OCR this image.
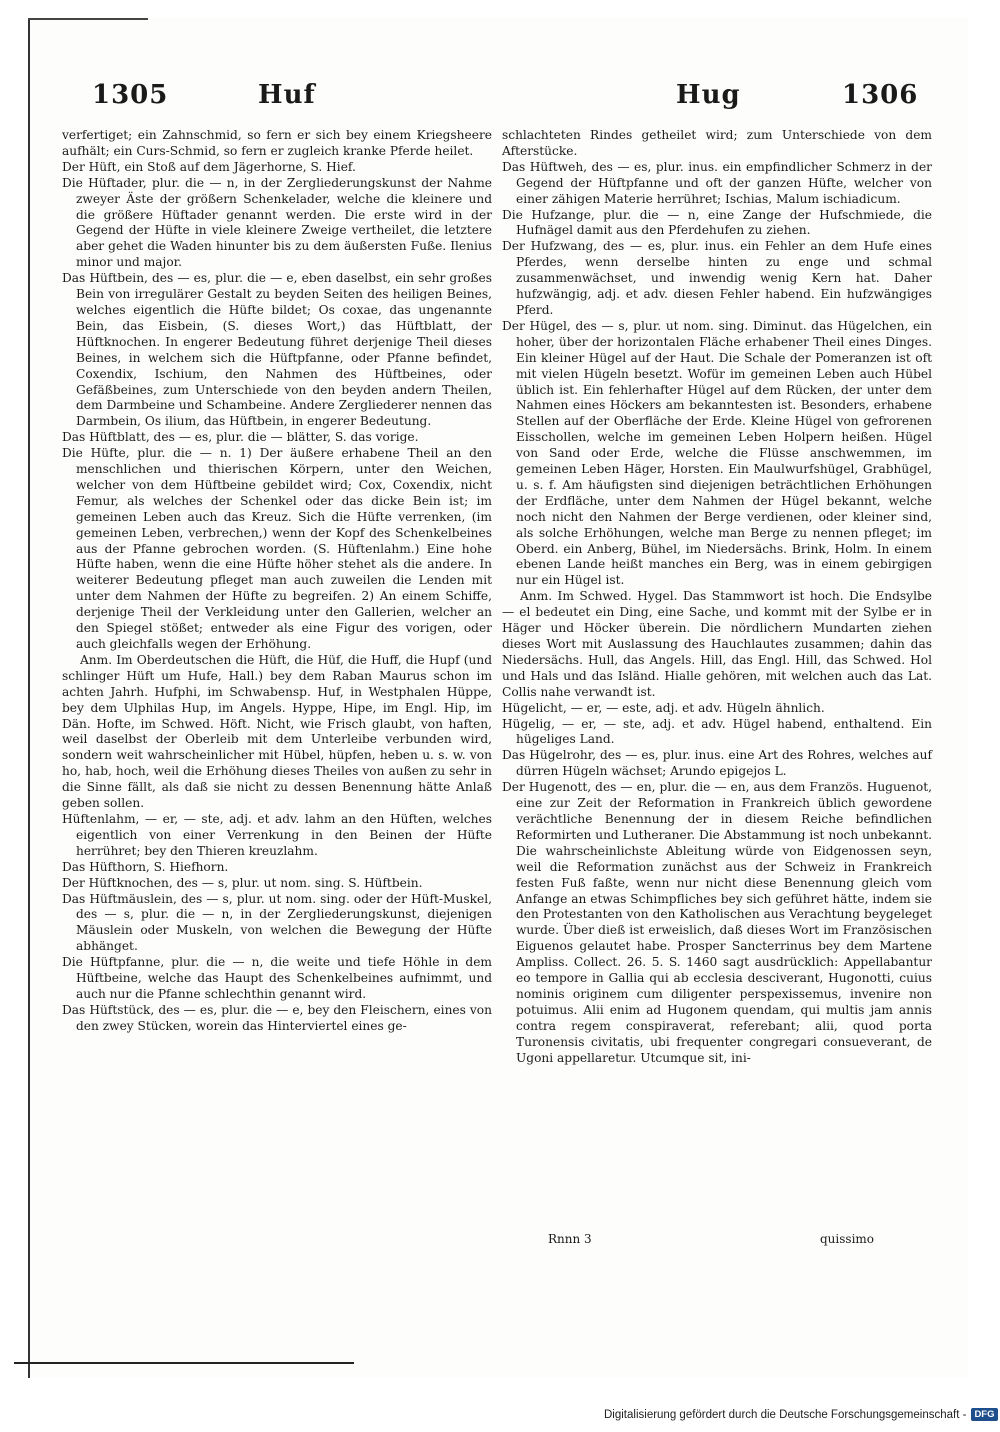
1305	Huf	Hug	1306

verfertiget; ein Zahnschmid, so fern er sich bey einem Kriegsheere aufhält; ein Curs-Schmid, so fern er zugleich kranke Pferde heilet.

Der Hüft, ein Stoß auf dem Jägerhorne, S. Hief.

Die Hüftader, plur. die — n, in der Zergliederungskunst der Nahme zweyer Äste der größern Schenkelader, welche die kleinere und die größere Hüftader genannt werden. Die erste wird in der Gegend der Hüfte in viele kleinere Zweige vertheilet, die letztere aber gehet die Waden hinunter bis zu dem äußersten Fuße. Ilenius minor und major.

Das Hüftbein, des — es, plur. die — e, eben daselbst, ein sehr großes Bein von irregulärer Gestalt zu beyden Seiten des heiligen Beines, welches eigentlich die Hüfte bildet; Os coxae, das ungenannte Bein, das Eisbein, (S. dieses Wort,) das Hüftblatt, der Hüftknochen. In engerer Bedeutung führet derjenige Theil dieses Beines, in welchem sich die Hüftpfanne, oder Pfanne befindet, Coxendix, Ischium, den Nahmen des Hüftbeines, oder Gefäßbeines, zum Unterschiede von den beyden andern Theilen, dem Darmbeine und Schambeine. Andere Zergliederer nennen das Darmbein, Os ilium, das Hüftbein, in engerer Bedeutung.

Das Hüftblatt, des — es, plur. die — blätter, S. das vorige.

Die Hüfte, plur. die — n. 1) Der äußere erhabene Theil an den menschlichen und thierischen Körpern, unter den Weichen, welcher von dem Hüftbeine gebildet wird; Cox, Coxendix, nicht Femur, als welches der Schenkel oder das dicke Bein ist; im gemeinen Leben auch das Kreuz. Sich die Hüfte verrenken, (im gemeinen Leben, verbrechen,) wenn der Kopf des Schenkelbeines aus der Pfanne gebrochen worden. (S. Hüftenlahm.) Eine hohe Hüfte haben, wenn die eine Hüfte höher stehet als die andere. In weiterer Bedeutung pfleget man auch zuweilen die Lenden mit unter dem Nahmen der Hüfte zu begreifen. 2) An einem Schiffe, derjenige Theil der Verkleidung unter den Gallerien, welcher an den Spiegel stößet; entweder als eine Figur des vorigen, oder auch gleichfalls wegen der Erhöhung.

Anm. Im Oberdeutschen die Hüft, die Hüf, die Huff, die Hupf (und schlinger Hüft um Hufe, Hall.) bey dem Raban Maurus schon im achten Jahrh. Hufphi, im Schwabensp. Huf, in Westphalen Hüppe, bey dem Ulphilas Hup, im Angels. Hyppe, Hipe, im Engl. Hip, im Dän. Hofte, im Schwed. Höft. Nicht, wie Frisch glaubt, von haften, weil daselbst der Oberleib mit dem Unterleibe verbunden wird, sondern weit wahrscheinlicher mit Hübel, hüpfen, heben u. s. w. von ho, hab, hoch, weil die Erhöhung dieses Theiles von außen zu sehr in die Sinne fällt, als daß sie nicht zu dessen Benennung hätte Anlaß geben sollen.

Hüftenlahm, — er, — ste, adj. et adv. lahm an den Hüften, welches eigentlich von einer Verrenkung in den Beinen der Hüfte herrühret; bey den Thieren kreuzlahm.

Das Hüfthorn, S. Hiefhorn.

Der Hüftknochen, des — s, plur. ut nom. sing. S. Hüftbein.

Das Hüftmäuslein, des — s, plur. ut nom. sing. oder der Hüft-Muskel, des — s, plur. die — n, in der Zergliederungskunst, diejenigen Mäuslein oder Muskeln, von welchen die Bewegung der Hüfte abhänget.

Die Hüftpfanne, plur. die — n, die weite und tiefe Höhle in dem Hüftbeine, welche das Haupt des Schenkelbeines aufnimmt, und auch nur die Pfanne schlechthin genannt wird.

Das Hüftstück, des — es, plur. die — e, bey den Fleischern, eines von den zwey Stücken, worein das Hinterviertel eines ge-

schlachteten Rindes getheilet wird; zum Unterschiede von dem Afterstücke.

Das Hüftweh, des — es, plur. inus. ein empfindlicher Schmerz in der Gegend der Hüftpfanne und oft der ganzen Hüfte, welcher von einer zähigen Materie herrühret; Ischias, Malum ischiadicum.

Die Hufzange, plur. die — n, eine Zange der Hufschmiede, die Hufnägel damit aus den Pferdehufen zu ziehen.

Der Hufzwang, des — es, plur. inus. ein Fehler an dem Hufe eines Pferdes, wenn derselbe hinten zu enge und schmal zusammenwächset, und inwendig wenig Kern hat. Daher hufzwängig, adj. et adv. diesen Fehler habend. Ein hufzwängiges Pferd.

Der Hügel, des — s, plur. ut nom. sing. Diminut. das Hügelchen, ein hoher, über der horizontalen Fläche erhabener Theil eines Dinges. Ein kleiner Hügel auf der Haut. Die Schale der Pomeranzen ist oft mit vielen Hügeln besetzt. Wofür im gemeinen Leben auch Hübel üblich ist. Ein fehlerhafter Hügel auf dem Rücken, der unter dem Nahmen eines Höckers am bekanntesten ist. Besonders, erhabene Stellen auf der Oberfläche der Erde. Kleine Hügel von gefrorenen Eisschollen, welche im gemeinen Leben Holpern heißen. Hügel von Sand oder Erde, welche die Flüsse anschwemmen, im gemeinen Leben Häger, Horsten. Ein Maulwurfshügel, Grabhügel, u. s. f. Am häufigsten sind diejenigen beträchtlichen Erhöhungen der Erdfläche, unter dem Nahmen der Hügel bekannt, welche noch nicht den Nahmen der Berge verdienen, oder kleiner sind, als solche Erhöhungen, welche man Berge zu nennen pfleget; im Oberd. ein Anberg, Bühel, im Niedersächs. Brink, Holm. In einem ebenen Lande heißt manches ein Berg, was in einem gebirgigen nur ein Hügel ist.

Anm. Im Schwed. Hygel. Das Stammwort ist hoch. Die Endsylbe — el bedeutet ein Ding, eine Sache, und kommt mit der Sylbe er in Häger und Höcker überein. Die nördlichern Mundarten ziehen dieses Wort mit Auslassung des Hauchlautes zusammen; dahin das Niedersächs. Hull, das Angels. Hill, das Engl. Hill, das Schwed. Hol und Hals und das Isländ. Hialle gehören, mit welchen auch das Lat. Collis nahe verwandt ist.

Hügelicht, — er, — este, adj. et adv. Hügeln ähnlich.

Hügelig, — er, — ste, adj. et adv. Hügel habend, enthaltend. Ein hügeliges Land.

Das Hügelrohr, des — es, plur. inus. eine Art des Rohres, welches auf dürren Hügeln wächset; Arundo epigejos L.

Der Hugenott, des — en, plur. die — en, aus dem Französ. Huguenot, eine zur Zeit der Reformation in Frankreich üblich gewordene verächtliche Benennung der in diesem Reiche befindlichen Reformirten und Lutheraner. Die Abstammung ist noch unbekannt. Die wahrscheinlichste Ableitung würde von Eidgenossen seyn, weil die Reformation zunächst aus der Schweiz in Frankreich festen Fuß faßte, wenn nur nicht diese Benennung gleich vom Anfange an etwas Schimpfliches bey sich geführet hätte, indem sie den Protestanten von den Katholischen aus Verachtung beygeleget wurde. Über dieß ist erweislich, daß dieses Wort im Französischen Eiguenos gelautet habe. Prosper Sancterrinus bey dem Martene Ampliss. Collect. 26. 5. S. 1460 sagt ausdrücklich: Appellabantur eo tempore in Gallia qui ab ecclesia desciverant, Hugonotti, cuius nominis originem cum diligenter perspexissemus, invenire non potuimus. Alii enim ad Hugonem quendam, qui multis jam annis contra regem conspiraverat, referebant; alii, quod porta Turonensis civitatis, ubi frequenter congregari consueverant, de Ugoni appellaretur. Utcumque sit, ini-

Rnnn 3	quissimo
Digitalisierung gefördert durch die Deutsche Forschungsgemeinschaft - DFG
